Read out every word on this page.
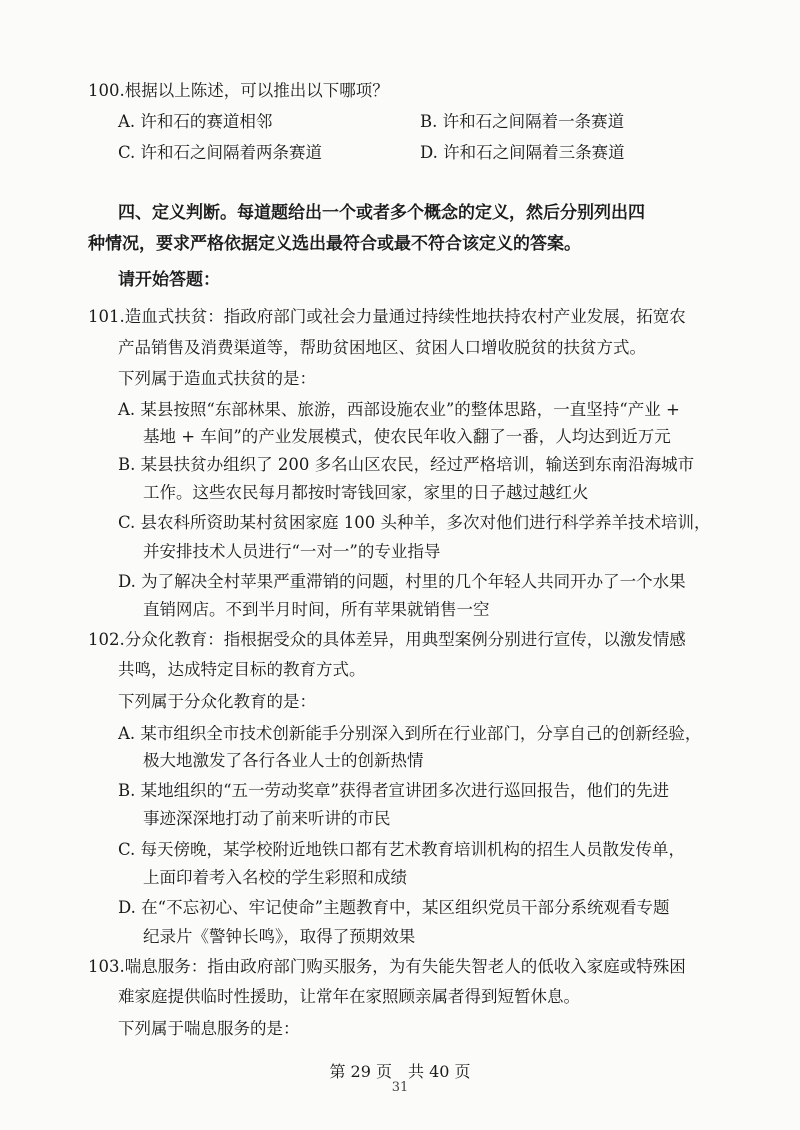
100.根据以上陈述，可以推出以下哪项？
A. 许和石的赛道相邻	B. 许和石之间隔着一条赛道
C. 许和石之间隔着两条赛道	D. 许和石之间隔着三条赛道
四、定义判断。每道题给出一个或者多个概念的定义，然后分别列出四
种情况，要求严格依据定义选出最符合或最不符合该定义的答案。
请开始答题：
101.造血式扶贫：指政府部门或社会力量通过持续性地扶持农村产业发展，拓宽农
产品销售及消费渠道等，帮助贫困地区、贫困人口增收脱贫的扶贫方式。
下列属于造血式扶贫的是：
A. 某县按照“东部林果、旅游，西部设施农业”的整体思路，一直坚持“产业 +
基地 + 车间”的产业发展模式，使农民年收入翻了一番，人均达到近万元
B. 某县扶贫办组织了 200 多名山区农民，经过严格培训，输送到东南沿海城市
工作。这些农民每月都按时寄钱回家，家里的日子越过越红火
C. 县农科所资助某村贫困家庭 100 头种羊，多次对他们进行科学养羊技术培训，
并安排技术人员进行“一对一”的专业指导
D. 为了解决全村苹果严重滞销的问题，村里的几个年轻人共同开办了一个水果
直销网店。不到半月时间，所有苹果就销售一空
102.分众化教育：指根据受众的具体差异，用典型案例分别进行宣传，以激发情感
共鸣，达成特定目标的教育方式。
下列属于分众化教育的是：
A. 某市组织全市技术创新能手分别深入到所在行业部门，分享自己的创新经验，
极大地激发了各行各业人士的创新热情
B. 某地组织的“五一劳动奖章”获得者宣讲团多次进行巡回报告，他们的先进
事迹深深地打动了前来听讲的市民
C. 每天傍晚，某学校附近地铁口都有艺术教育培训机构的招生人员散发传单，
上面印着考入名校的学生彩照和成绩
D. 在“不忘初心、牢记使命”主题教育中，某区组织党员干部分系统观看专题
纪录片《警钟长鸣》，取得了预期效果
103.喘息服务：指由政府部门购买服务，为有失能失智老人的低收入家庭或特殊困
难家庭提供临时性援助，让常年在家照顾亲属者得到短暂休息。
下列属于喘息服务的是：
第 29 页　共 40 页
31
